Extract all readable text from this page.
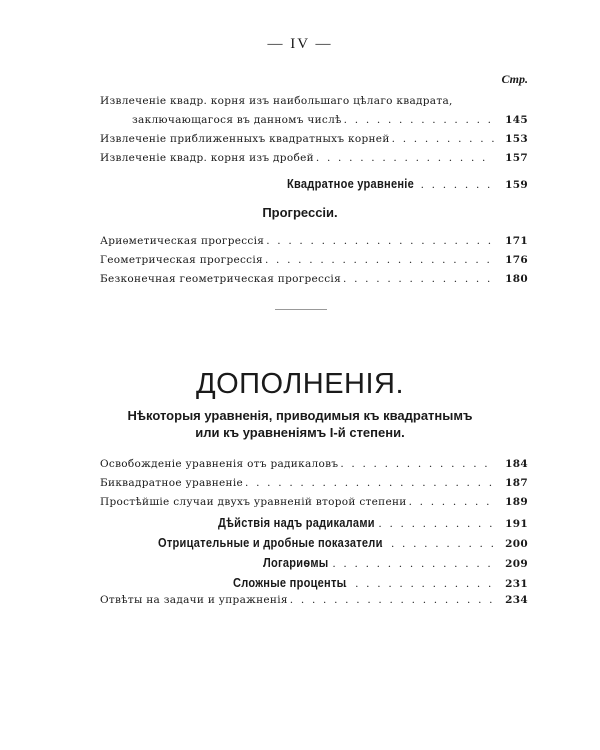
— IV —
Стр.
Извлеченіе квадр. корня изъ наибольшаго цѣлаго квадрата,
заключающагося въ данномъ числѣ . . .	145
Извлеченіе приближенныхъ квадратныхъ корней . . .	153
Извлеченіе квадр. корня изъ дробей . . .	157
Квадратное уравненіе . . .	159
Прогрессіи.
Ариѳметическая прогрессія . . .	171
Геометрическая прогрессія . . .	176
Безконечная геометрическая прогрессія . . .	180
ДОПОЛНЕНІЯ.
Нѣкоторыя уравненія, приводимыя къ квадратнымъ
или къ уравненіямъ I-й степени.
Освобожденіе уравненія отъ радикаловъ . . .	184
Биквадратное уравненіе . . .	187
Простѣйшіе случаи двухъ уравненій второй степени . . .	189
Дѣйствія надъ радикалами . . .	191
Отрицательные и дробные показатели . . .	200
Логариѳмы . . .	209
Сложные проценты . . .	231
Отвѣты на задачи и упражненія . . .	234
